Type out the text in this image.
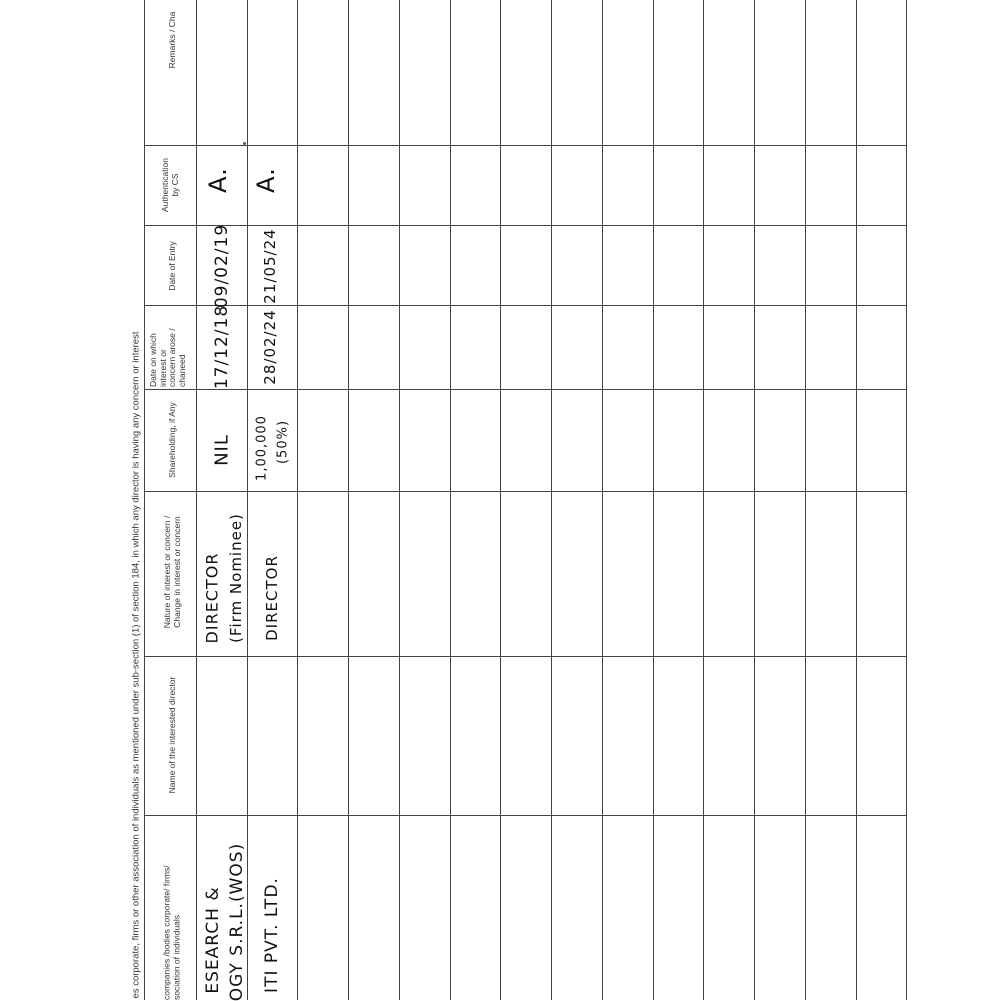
es corporate, firms or other association of individuals as mentioned under sub-section (1) of section 184, in which any director is having any concern or interest companies /bodies corporate/ firms/ sociation of individuals
Name of the interested director
Nature of interest or concern / Change in interest or concern
Shareholding, if Any
Date on which interest or concern arose / chaneed
Date of Entry
Authentication by CS
Remarks / Cha
ESEARCH & OGY S.R.L.(WOS)
DIRECTOR (Firm Nominee)
NIL
17/12/18
09/02/19
A.
ITI PVT. LTD.
DIRECTOR
1,00,000 (50%)
28/02/24
21/05/24
A.
